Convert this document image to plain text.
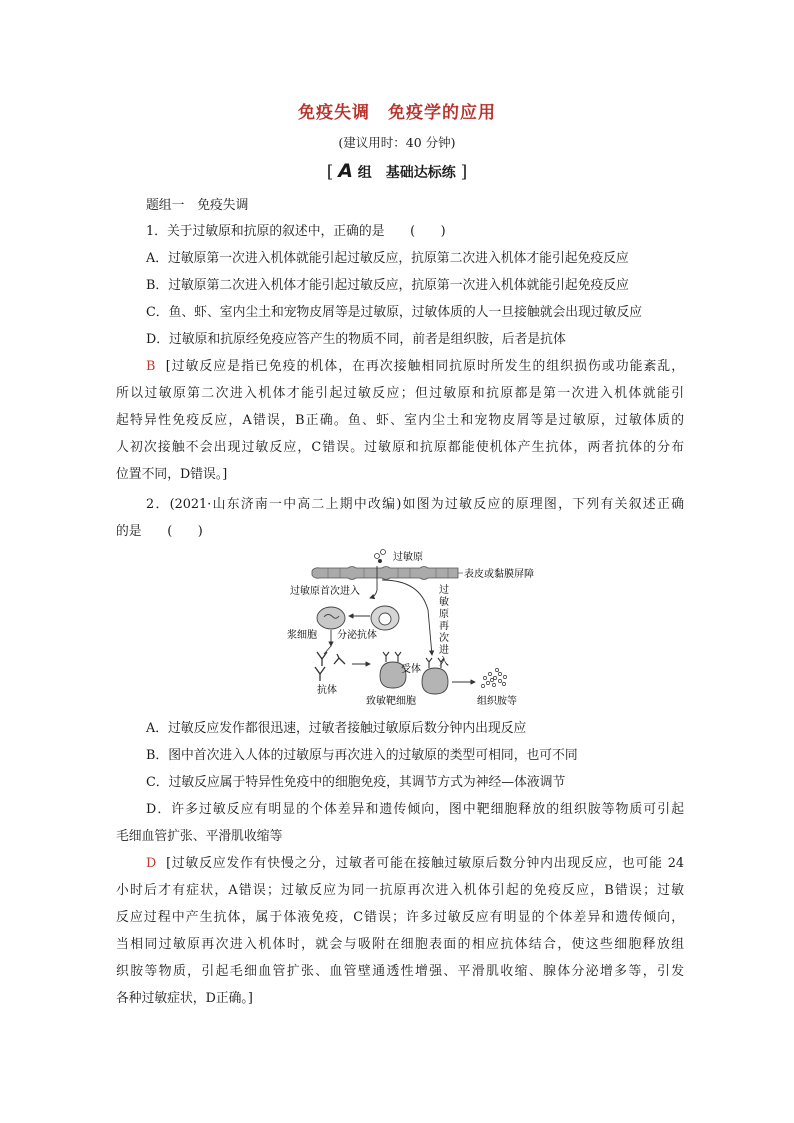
免疫失调　免疫学的应用
(建议用时：40 分钟)
[ A 组　基础达标练 ]
题组一　免疫失调
1．关于过敏原和抗原的叙述中，正确的是　　(　　)
A．过敏原第一次进入机体就能引起过敏反应，抗原第二次进入机体才能引起免疫反应
B．过敏原第二次进入机体才能引起过敏反应，抗原第一次进入机体就能引起免疫反应
C．鱼、虾、室内尘土和宠物皮屑等是过敏原，过敏体质的人一旦接触就会出现过敏反应
D．过敏原和抗原经免疫应答产生的物质不同，前者是组织胺，后者是抗体
B [过敏反应是指已免疫的机体，在再次接触相同抗原时所发生的组织损伤或功能紊乱，
所以过敏原第二次进入机体才能引起过敏反应；但过敏原和抗原都是第一次进入机体就能引
起特异性免疫反应，A错误，B正确。鱼、虾、室内尘土和宠物皮屑等是过敏原，过敏体质的
人初次接触不会出现过敏反应，C错误。过敏原和抗原都能使机体产生抗体，两者抗体的分布
位置不同，D错误。]
2．(2021·山东济南一中高二上期中改编)如图为过敏反应的原理图，下列有关叙述正确
的是　　(　　)
表皮或黏膜屏障
过敏原
过敏原首次进入	过
敏
原
再
次
进
入
浆细胞 分泌抗体
抗体
受体
致敏靶细胞	组织胺等
A．过敏反应发作都很迅速，过敏者接触过敏原后数分钟内出现反应
B．图中首次进入人体的过敏原与再次进入的过敏原的类型可相同，也可不同
C．过敏反应属于特异性免疫中的细胞免疫，其调节方式为神经—体液调节
D．许多过敏反应有明显的个体差异和遗传倾向，图中靶细胞释放的组织胺等物质可引起
毛细血管扩张、平滑肌收缩等
D [过敏反应发作有快慢之分，过敏者可能在接触过敏原后数分钟内出现反应，也可能 24
小时后才有症状，A错误；过敏反应为同一抗原再次进入机体引起的免疫反应，B错误；过敏
反应过程中产生抗体，属于体液免疫，C错误；许多过敏反应有明显的个体差异和遗传倾向，
当相同过敏原再次进入机体时，就会与吸附在细胞表面的相应抗体结合，使这些细胞释放组
织胺等物质，引起毛细血管扩张、血管壁通透性增强、平滑肌收缩、腺体分泌增多等，引发
各种过敏症状，D正确。]
